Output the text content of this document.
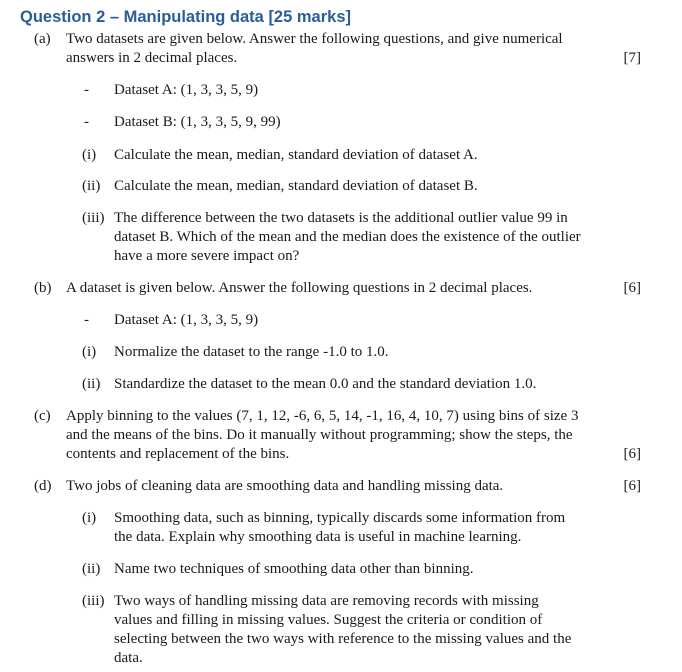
Question 2 – Manipulating data [25 marks]
(a)	Two datasets are given below. Answer the following questions, and give numerical
answers in 2 decimal places.	[7]
-	Dataset A: (1, 3, 3, 5, 9)
-	Dataset B: (1, 3, 3, 5, 9, 99)
(i)	Calculate the mean, median, standard deviation of dataset A.
(ii) Calculate the mean, median, standard deviation of dataset B.
(iii) The difference between the two datasets is the additional outlier value 99 in
dataset B. Which of the mean and the median does the existence of the outlier
have a more severe impact on?
(b) A dataset is given below. Answer the following questions in 2 decimal places.	[6]
-	Dataset A: (1, 3, 3, 5, 9)
(i)	Normalize the dataset to the range -1.0 to 1.0.
(ii) Standardize the dataset to the mean 0.0 and the standard deviation 1.0.
(c)	Apply binning to the values (7, 1, 12, -6, 6, 5, 14, -1, 16, 4, 10, 7) using bins of size 3
and the means of the bins. Do it manually without programming; show the steps, the
contents and replacement of the bins.	[6]
(d) Two jobs of cleaning data are smoothing data and handling missing data.	[6]
(i)	Smoothing data, such as binning, typically discards some information from
the data. Explain why smoothing data is useful in machine learning.
(ii) Name two techniques of smoothing data other than binning.
(iii) Two ways of handling missing data are removing records with missing
values and filling in missing values. Suggest the criteria or condition of
selecting between the two ways with reference to the missing values and the
data.
